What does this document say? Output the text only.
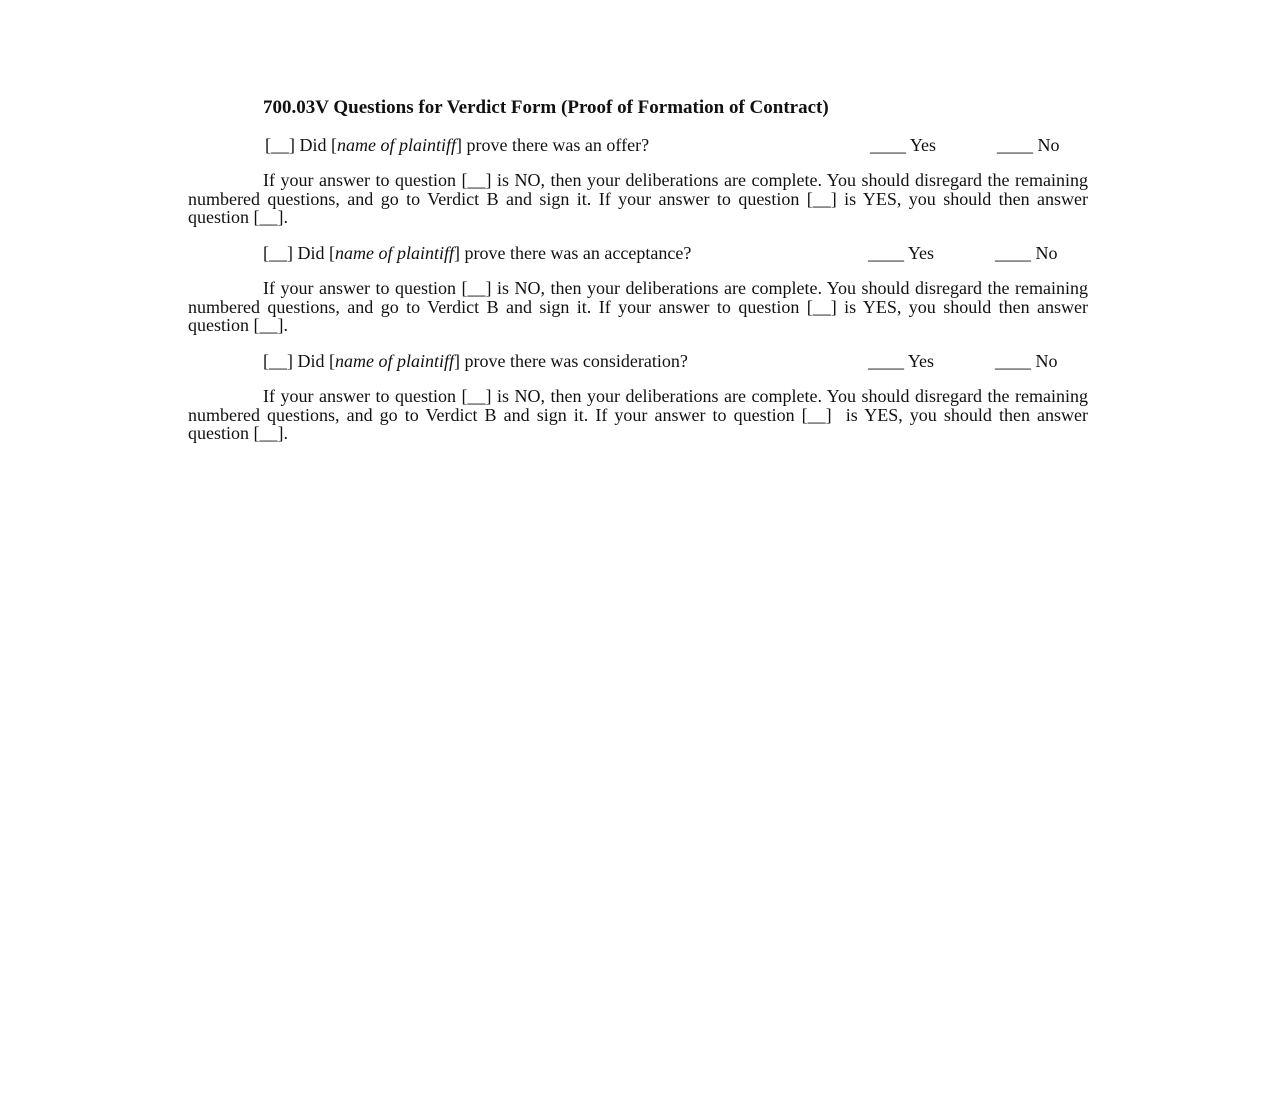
700.03V Questions for Verdict Form (Proof of Formation of Contract)
[__] Did [name of plaintiff] prove there was an offer?	____ Yes	____ No
If your answer to question [__] is NO, then your deliberations are complete. You should disregard the remaining numbered questions, and go to Verdict B and sign it. If your answer to question [__] is YES, you should then answer question [__].
[__] Did [name of plaintiff] prove there was an acceptance?	____ Yes	____ No
If your answer to question [__] is NO, then your deliberations are complete. You should disregard the remaining numbered questions, and go to Verdict B and sign it. If your answer to question [__] is YES, you should then answer question [__].
[__] Did [name of plaintiff] prove there was consideration?	____ Yes	____ No
If your answer to question [__] is NO, then your deliberations are complete. You should disregard the remaining numbered questions, and go to Verdict B and sign it. If your answer to question [__]  is YES, you should then answer question [__].
